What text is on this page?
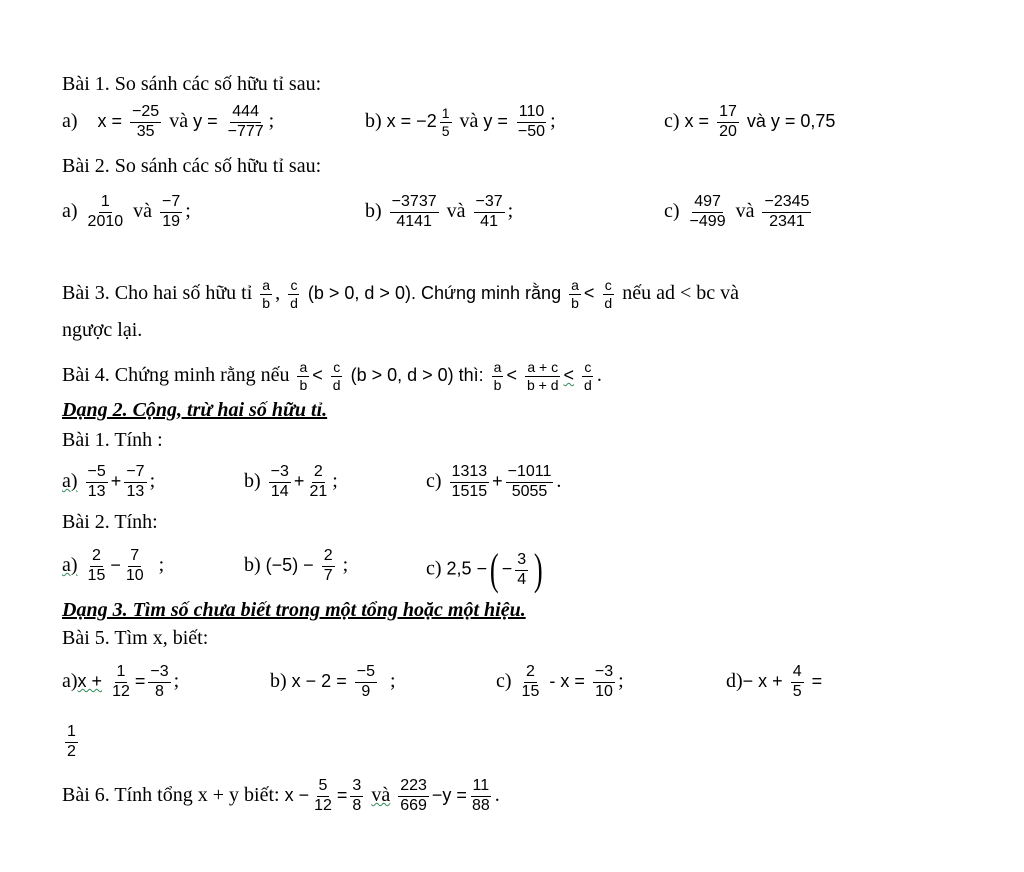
Bài 1. So sánh các số hữu tỉ sau:
a) $x = \frac{-25}{35}$ và $y = \frac{444}{-777}$ ;	b) $x = -2 \frac{1}{5}$ và $y = \frac{110}{-50}$ ;	c) $x = \frac{17}{20}$ và y = 0,75
Bài 2. So sánh các số hữu tỉ sau:
$a) \frac{1}{2010}$ và $\frac{-7}{19}$ ;	$b) \frac{-3737}{4141}$ và $\frac{-37}{41}$ ;	$c) \frac{497}{-499}$ và $\frac{-2345}{2341}$
Bài 3. Cho hai số hữu tỉ $\frac{a}{b}$ , $\frac{c}{d} (b > 0$, d > 0). Chứng minh rằng $\frac{a}{b} < \frac{c}{d}$ nếu ad < bc và
ngược lại.
Bài 4. Chứng minh rằng nếu $\frac{a}{b} < \frac{c}{d} (b > 0$, d > 0) thì: $\frac{a}{b} < \frac{a + c}{b + d} < \frac{c}{d}$ .
Dạng 2. Cộng, trừ hai số hữu tỉ.
Bài 1. Tính :
$a) \frac{-5}{13} + \frac{-7}{13}$ ;	$b) \frac{-3}{14} + \frac{2}{21}$ ;	$c) \frac{1313}{1515} + \frac{-1011}{5055}$ .
Bài 2. Tính:
$a) \frac{2}{15} - \frac{7}{10}$ ;	b) $(-5) - \frac{2}{7}$ ;	c) 2,5 −( − $\frac{3}{4}$ )
Dạng 3. Tìm số chưa biết trong một tổng hoặc một hiệu.
Bài 5. Tìm x, biết:
$a)x + \frac{1}{12} = \frac{-3}{8}$ ;	b) $x - 2 = \frac{-5}{9}$ ;	$c) \frac{2}{15} - x = \frac{-3}{10}$ ;	$d)- x + \frac{4}{5}$ =
$\frac{1}{2}$
Bài 6. Tính tổng x + y biết: $x - \frac{5}{12} = \frac{3}{8}$ và $\frac{223}{669} -y = \frac{11}{88}$ .
